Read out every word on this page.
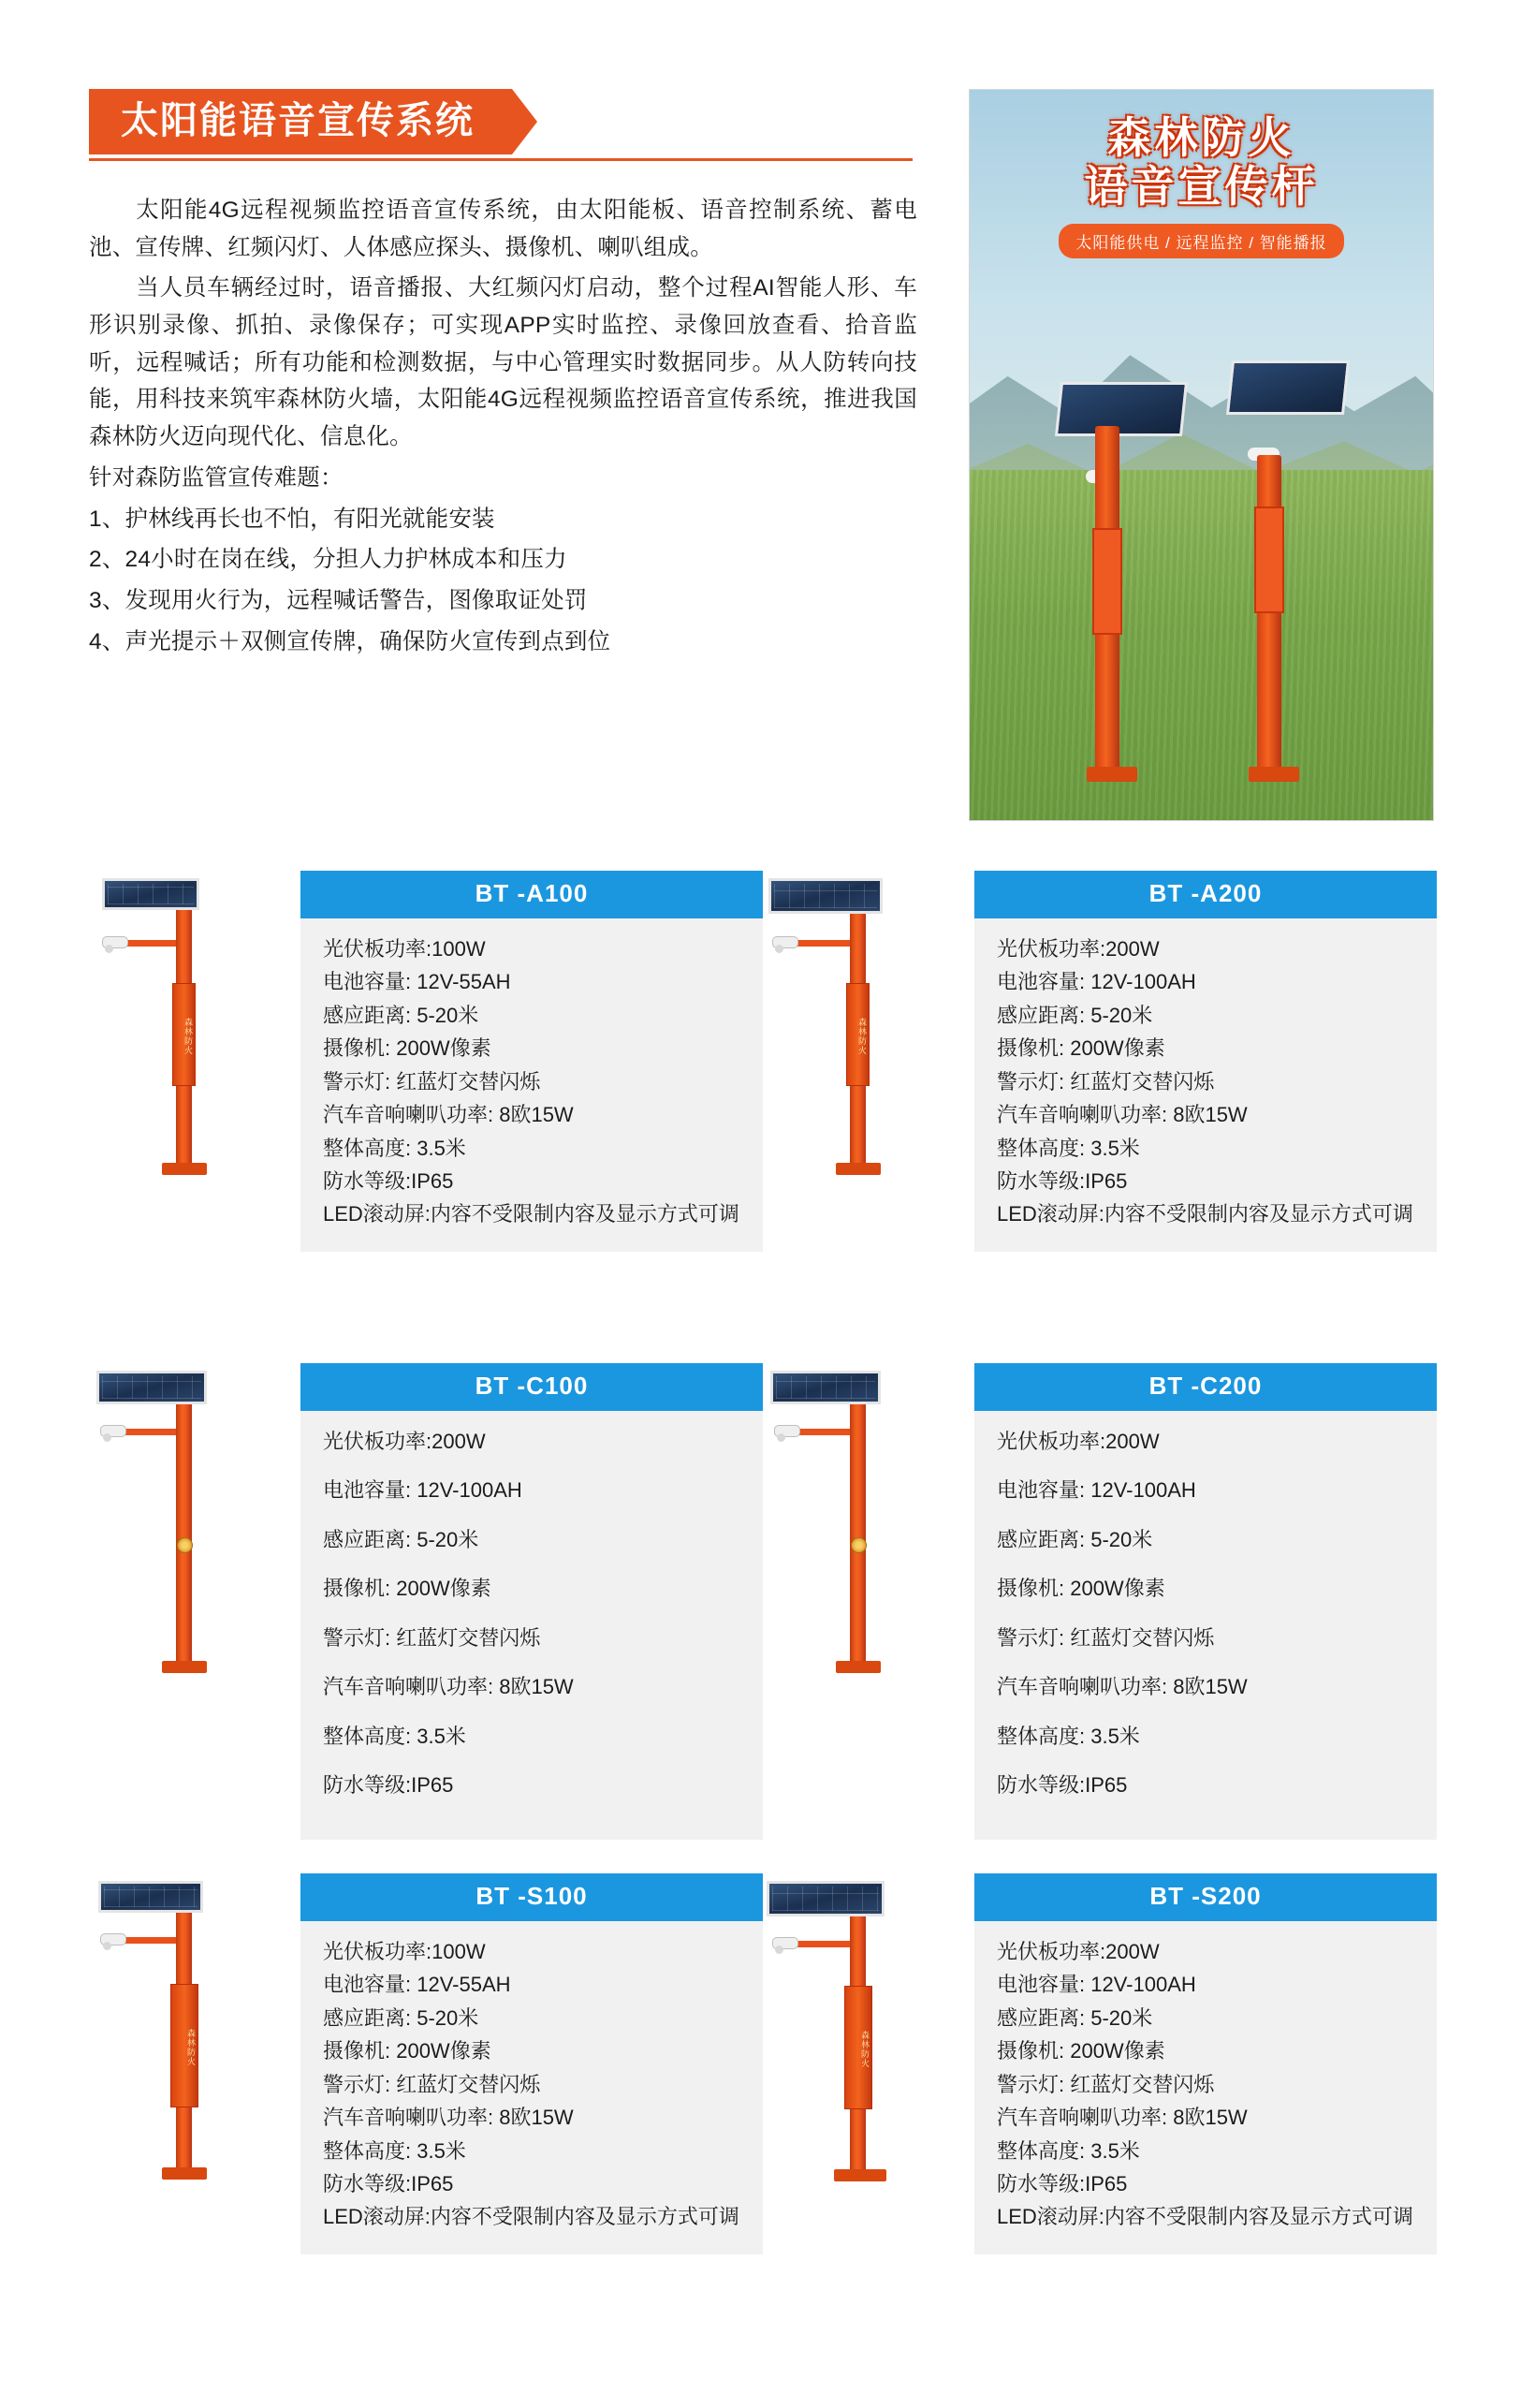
太阳能语音宣传系统

太阳能4G远程视频监控语音宣传系统，由太阳能板、语音控制系统、蓄电池、宣传牌、红频闪灯、人体感应探头、摄像机、喇叭组成。

当人员车辆经过时，语音播报、大红频闪灯启动，整个过程AI智能人形、车形识别录像、抓拍、录像保存；可实现APP实时监控、录像回放查看、拾音监听，远程喊话；所有功能和检测数据，与中心管理实时数据同步。从人防转向技能，用科技来筑牢森林防火墙，太阳能4G远程视频监控语音宣传系统，推进我国森林防火迈向现代化、信息化。

针对森防监管宣传难题：

1、护林线再长也不怕，有阳光就能安装

2、24小时在岗在线，分担人力护林成本和压力

3、发现用火行为，远程喊话警告，图像取证处罚

4、声光提示＋双侧宣传牌，确保防火宣传到点到位

森林防火
语音宣传杆
太阳能供电 / 远程监控 / 智能播报
森林防火
BT -A100

光伏板功率:100W

电池容量: 12V-55AH

感应距离: 5-20米

摄像机: 200W像素

警示灯: 红蓝灯交替闪烁

汽车音响喇叭功率: 8欧15W

整体高度: 3.5米

防水等级:IP65

LED滚动屏:内容不受限制内容及显示方式可调

森林防火
BT -A200

光伏板功率:200W

电池容量: 12V-100AH

感应距离: 5-20米

摄像机: 200W像素

警示灯: 红蓝灯交替闪烁

汽车音响喇叭功率: 8欧15W

整体高度: 3.5米

防水等级:IP65

LED滚动屏:内容不受限制内容及显示方式可调

BT -C100

光伏板功率:200W

电池容量: 12V-100AH

感应距离: 5-20米

摄像机: 200W像素

警示灯: 红蓝灯交替闪烁

汽车音响喇叭功率: 8欧15W

整体高度: 3.5米

防水等级:IP65

BT -C200

光伏板功率:200W

电池容量: 12V-100AH

感应距离: 5-20米

摄像机: 200W像素

警示灯: 红蓝灯交替闪烁

汽车音响喇叭功率: 8欧15W

整体高度: 3.5米

防水等级:IP65

森林防火
BT -S100

光伏板功率:100W

电池容量: 12V-55AH

感应距离: 5-20米

摄像机: 200W像素

警示灯: 红蓝灯交替闪烁

汽车音响喇叭功率: 8欧15W

整体高度: 3.5米

防水等级:IP65

LED滚动屏:内容不受限制内容及显示方式可调

森林防火
BT -S200

光伏板功率:200W

电池容量: 12V-100AH

感应距离: 5-20米

摄像机: 200W像素

警示灯: 红蓝灯交替闪烁

汽车音响喇叭功率: 8欧15W

整体高度: 3.5米

防水等级:IP65

LED滚动屏:内容不受限制内容及显示方式可调
